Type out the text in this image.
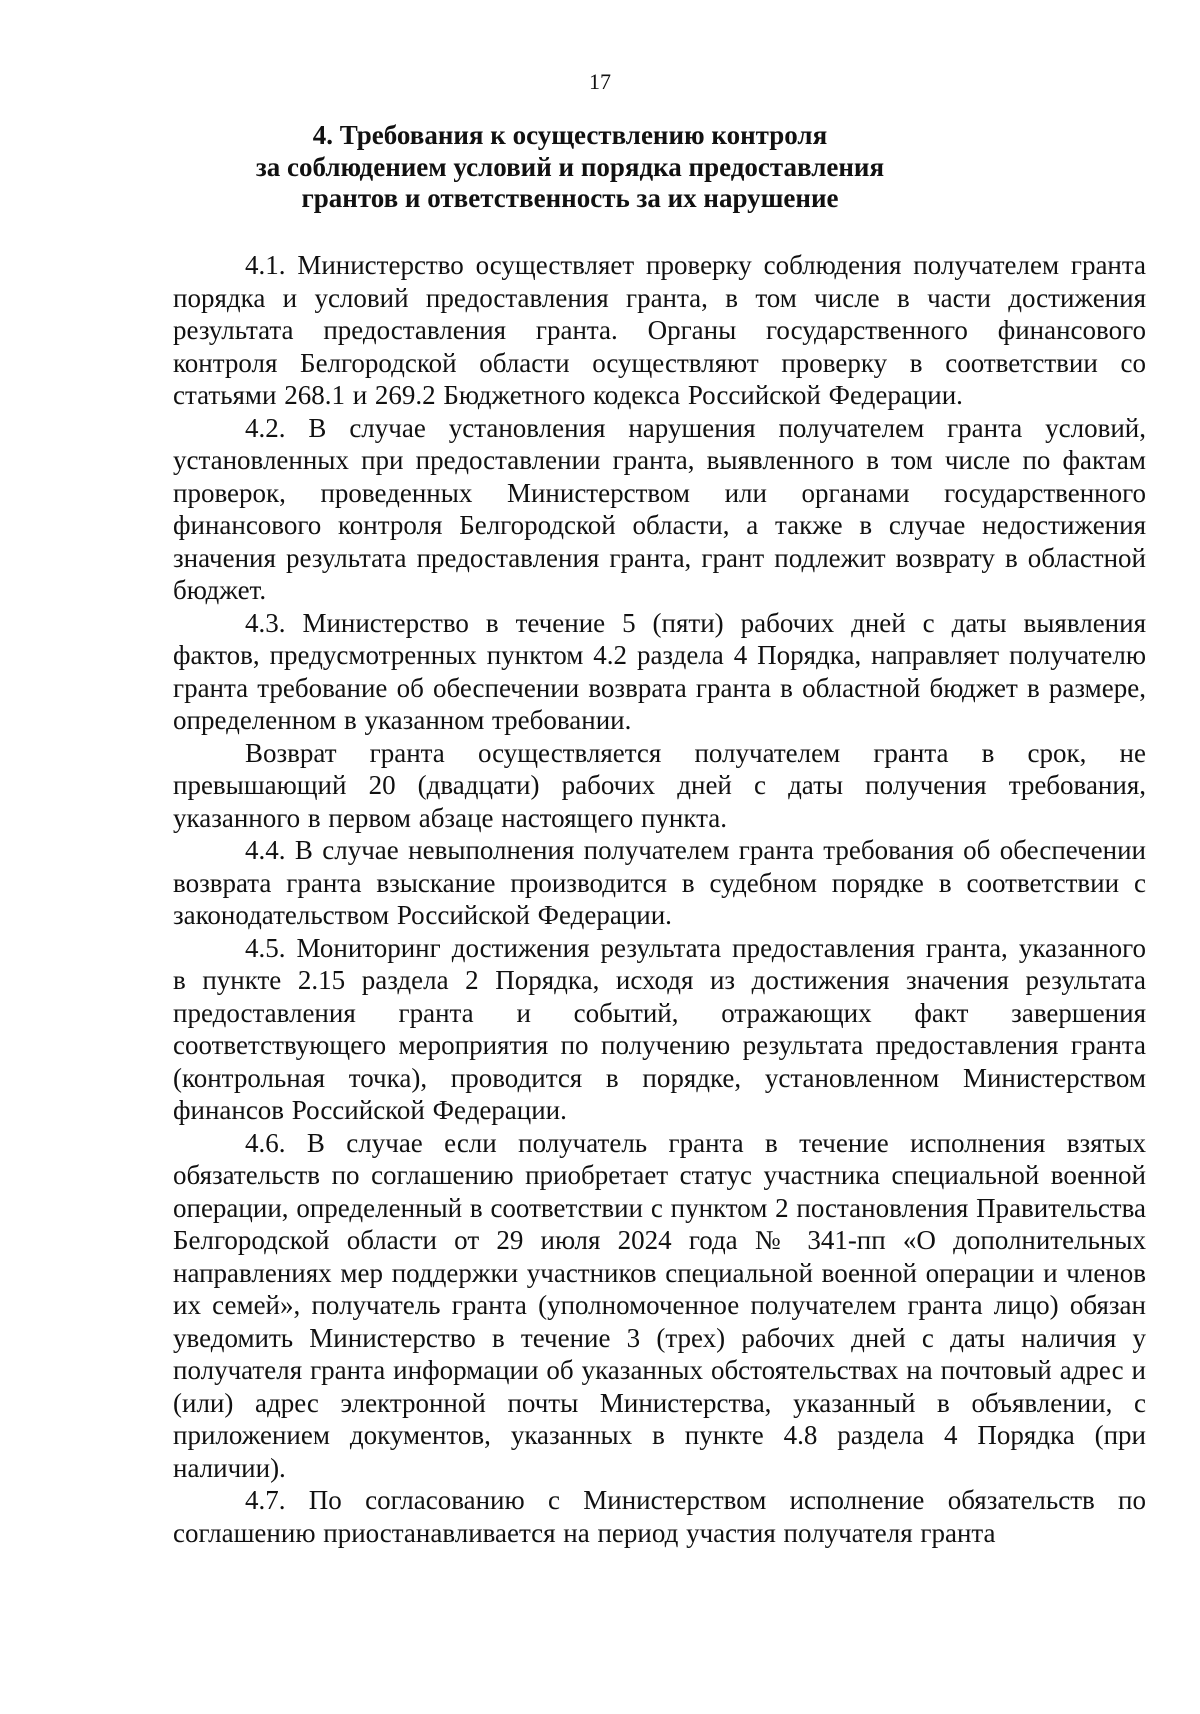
17
4. Требования к осуществлению контроля
за соблюдением условий и порядка предоставления
грантов и ответственность за их нарушение

4.1. Министерство осуществляет проверку соблюдения получателем гранта порядка и условий предоставления гранта, в том числе в части достижения результата предоставления гранта. Органы государственного финансового контроля Белгородской области осуществляют проверку в соответствии со статьями 268.1 и 269.2 Бюджетного кодекса Российской Федерации.

4.2. В случае установления нарушения получателем гранта условий, установленных при предоставлении гранта, выявленного в том числе по фактам проверок, проведенных Министерством или органами государственного финансового контроля Белгородской области, а также в случае недостижения значения результата предоставления гранта, грант подлежит возврату в областной бюджет.

4.3. Министерство в течение 5 (пяти) рабочих дней с даты выявления фактов, предусмотренных пунктом 4.2 раздела 4 Порядка, направляет получателю гранта требование об обеспечении возврата гранта в областной бюджет в размере, определенном в указанном требовании.

Возврат гранта осуществляется получателем гранта в срок, не превышающий 20 (двадцати) рабочих дней с даты получения требования, указанного в первом абзаце настоящего пункта.

4.4. В случае невыполнения получателем гранта требования об обеспечении возврата гранта взыскание производится в судебном порядке в соответствии с законодательством Российской Федерации.

4.5. Мониторинг достижения результата предоставления гранта, указанного в пункте 2.15 раздела 2 Порядка, исходя из достижения значения результата предоставления гранта и событий, отражающих факт завершения соответствующего мероприятия по получению результата предоставления гранта (контрольная точка), проводится в порядке, установленном Министерством финансов Российской Федерации.

4.6. В случае если получатель гранта в течение исполнения взятых обязательств по соглашению приобретает статус участника специальной военной операции, определенный в соответствии с пунктом 2 постановления Правительства Белгородской области от 29 июля 2024 года № 341-пп «О дополнительных направлениях мер поддержки участников специальной военной операции и членов их семей», получатель гранта (уполномоченное получателем гранта лицо) обязан уведомить Министерство в течение 3 (трех) рабочих дней с даты наличия у получателя гранта информации об указанных обстоятельствах на почтовый адрес и (или) адрес электронной почты Министерства, указанный в объявлении, с приложением документов, указанных в пункте 4.8 раздела 4 Порядка (при наличии).

4.7. По согласованию с Министерством исполнение обязательств по соглашению приостанавливается на период участия получателя гранта
